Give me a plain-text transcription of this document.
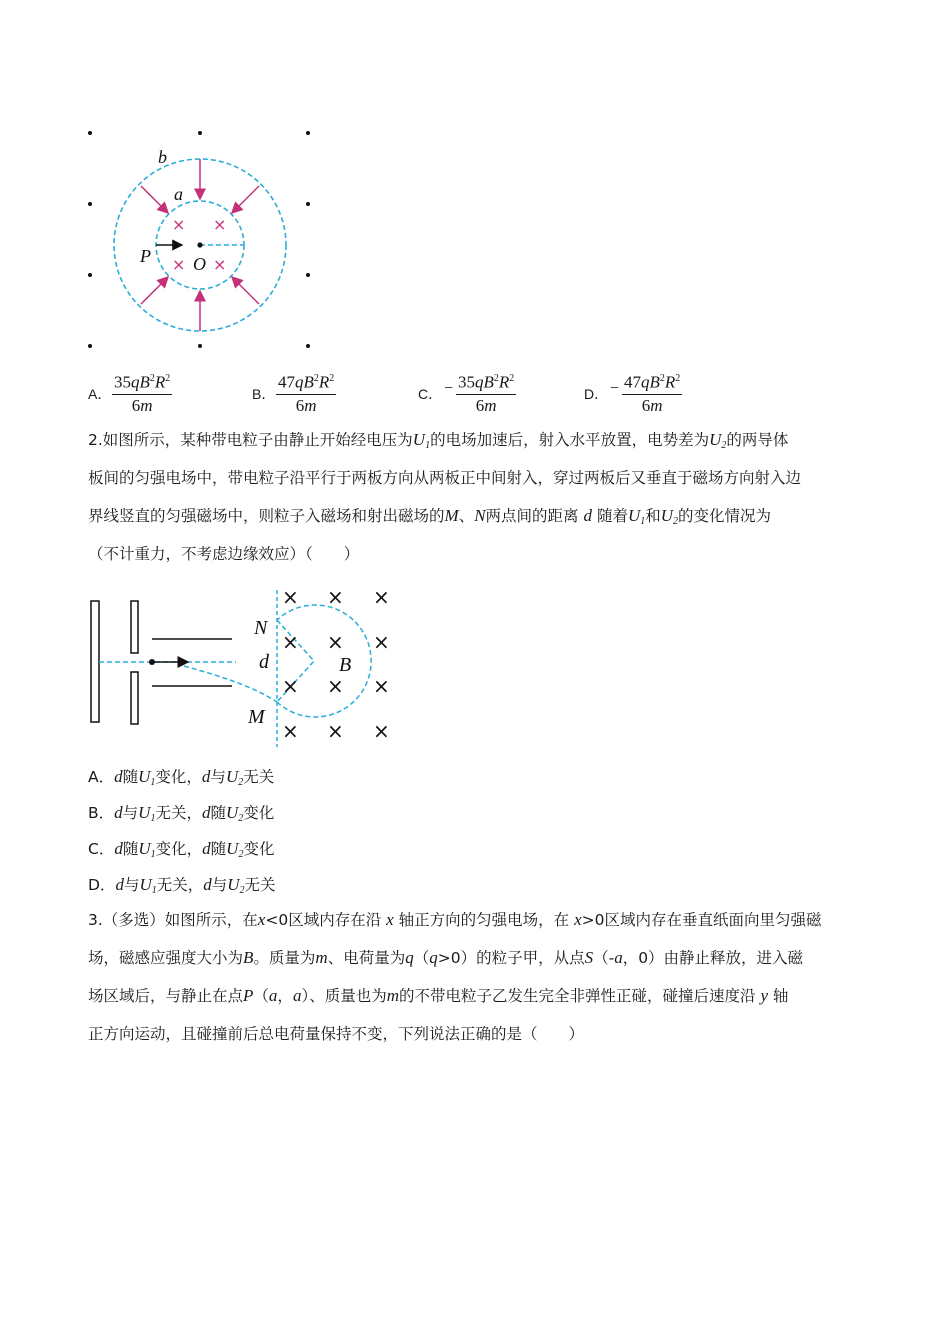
× ×
× ×
b
a
P O
A． $\frac{35qB^2R^2}{6m}$	B． $\frac{47qB^2R^2}{6m}$	C． − $\frac{35qB^2R^2}{6m}$	D． − $\frac{47qB^2R^2}{6m}$
2.如图所示，某种带电粒子由静止开始经电压为$U_1$的电场加速后，射入水平放置，电势差为$U_2$的两导体
板间的匀强电场中，带电粒子沿平行于两板方向从两板正中间射入，穿过两板后又垂直于磁场方向射入边
界线竖直的匀强磁场中，则粒子入磁场和射出磁场的M、N两点间的距离 d 随着$U_1$和$U_2$的变化情况为
（不计重力，不考虑边缘效应）（　　）
× × ×
× × ×
×
×	×
× × ×
N
d	B
M
A．d随$U_1$变化，d与$U_2$无关
B．d与$U_1$无关，d随$U_2$变化
C．d随$U_1$变化，d随$U_2$变化
D．d与$U_1$无关，d与$U_2$无关
3.（多选）如图所示，在x<0区域内存在沿 x 轴正方向的匀强电场，在 x>0区域内存在垂直纸面向里匀强磁
场，磁感应强度大小为B。质量为m、电荷量为q（q>0）的粒子甲，从点S（-a，0）由静止释放，进入磁
场区域后，与静止在点P（a，a）、质量也为m的不带电粒子乙发生完全非弹性正碰，碰撞后速度沿 y 轴
正方向运动，且碰撞前后总电荷量保持不变，下列说法正确的是（　　）
